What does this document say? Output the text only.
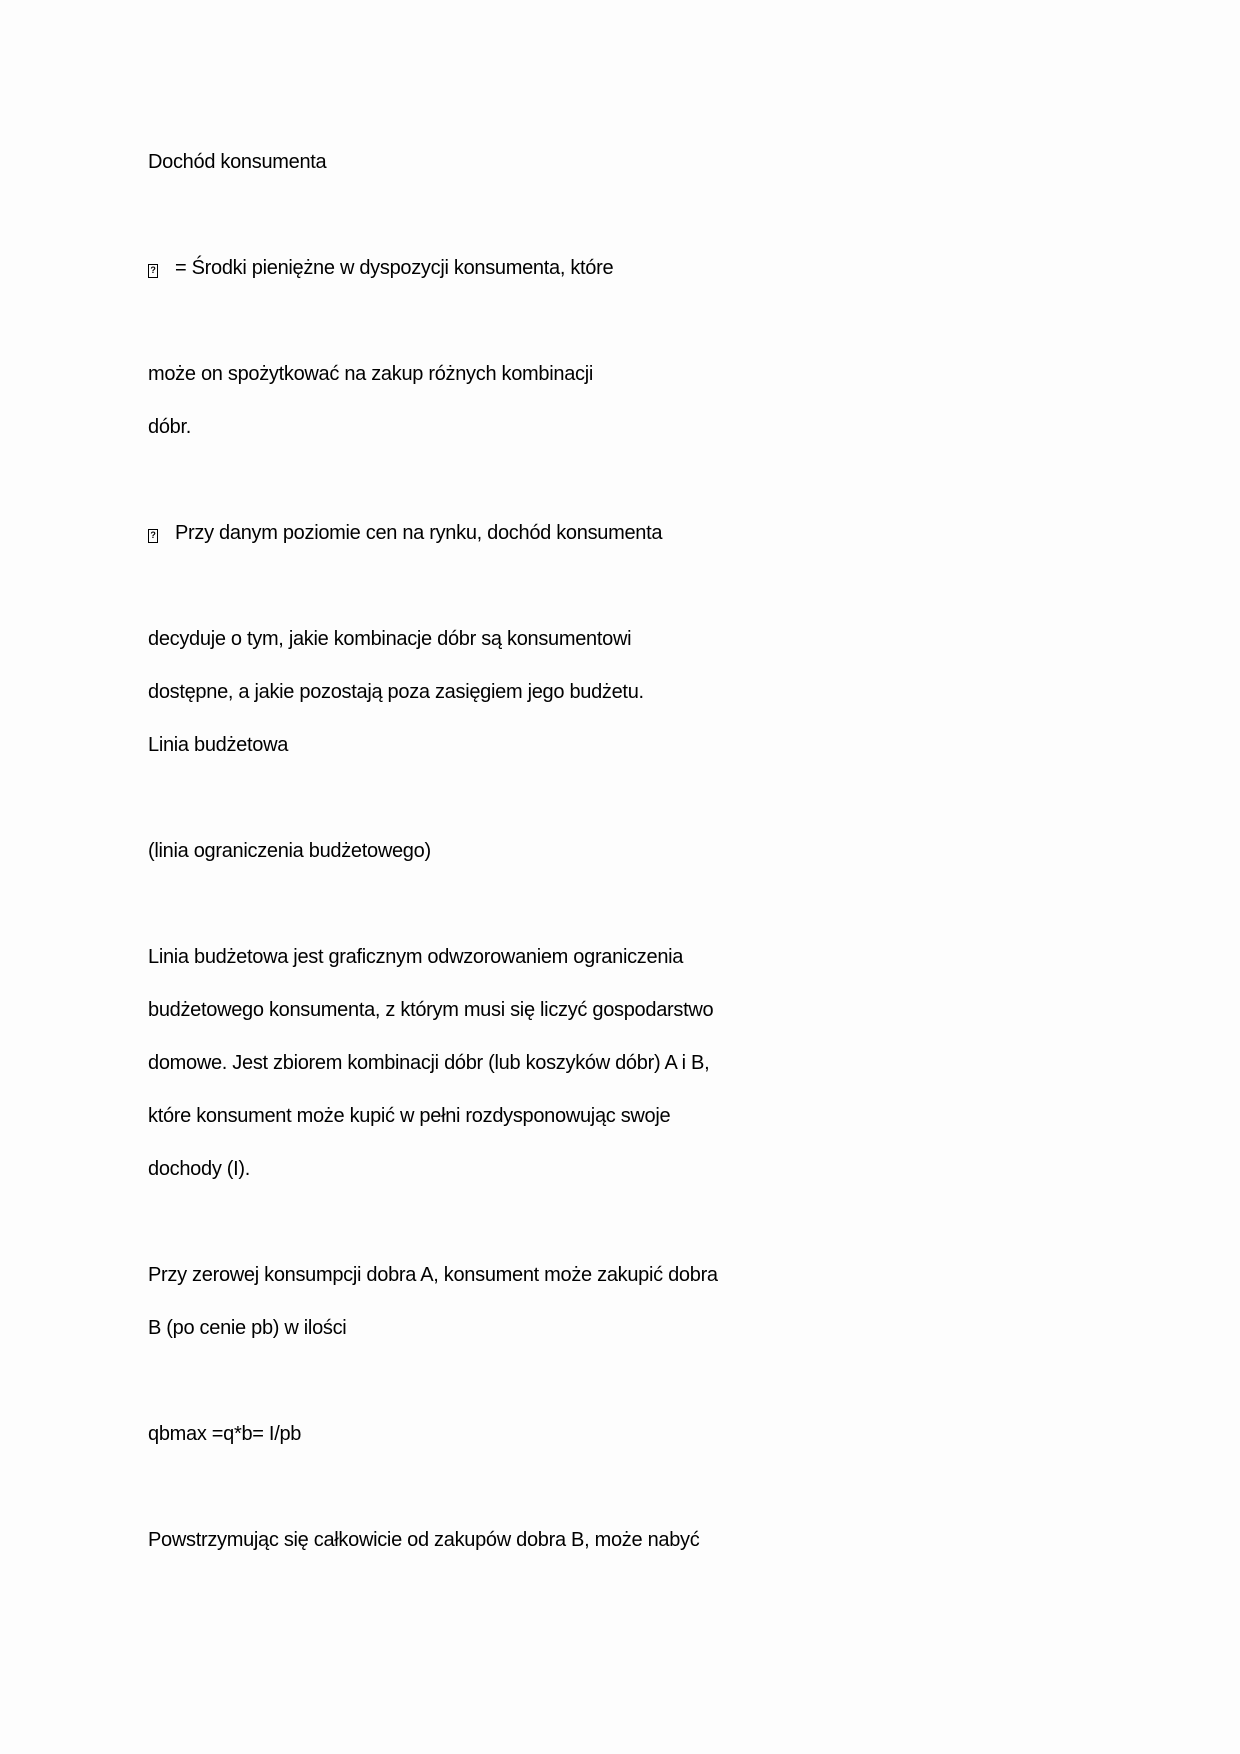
Dochód konsumenta
? = Środki pieniężne w dyspozycji konsumenta, które
może on spożytkować na zakup różnych kombinacji
dóbr.
? Przy danym poziomie cen na rynku, dochód konsumenta
decyduje o tym, jakie kombinacje dóbr są konsumentowi
dostępne, a jakie pozostają poza zasięgiem jego budżetu.
Linia budżetowa
(linia ograniczenia budżetowego)
Linia budżetowa jest graficznym odwzorowaniem ograniczenia
budżetowego konsumenta, z którym musi się liczyć gospodarstwo
domowe. Jest zbiorem kombinacji dóbr (lub koszyków dóbr) A i B,
które konsument może kupić w pełni rozdysponowując swoje
dochody (I).
Przy zerowej konsumpcji dobra A, konsument może zakupić dobra
B (po cenie pb) w ilości
qbmax =q*b= I/pb
Powstrzymując się całkowicie od zakupów dobra B, może nabyć
